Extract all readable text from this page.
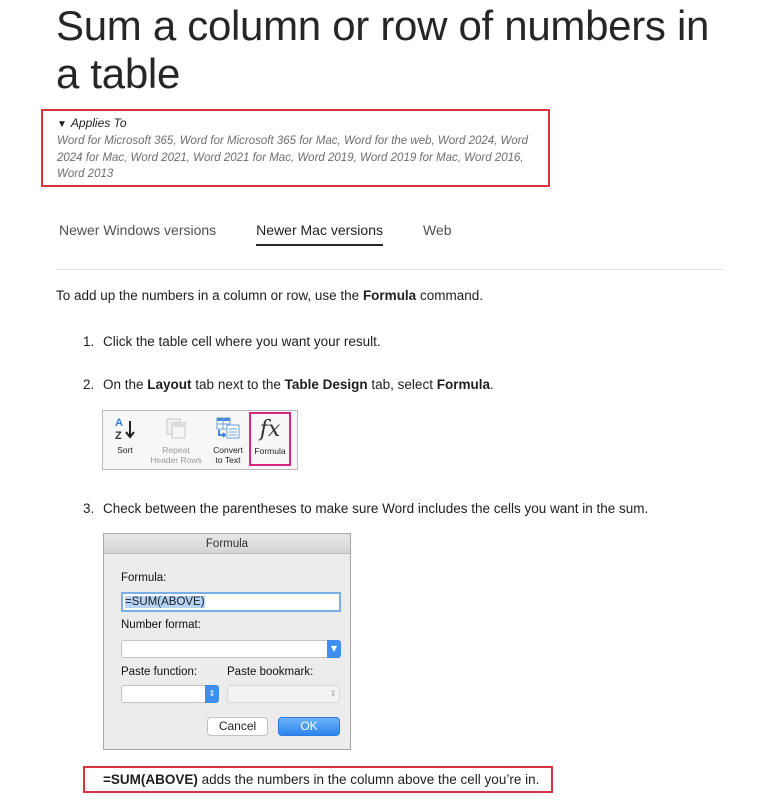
Sum a column or row of numbers in a table
▼ Applies To
Word for Microsoft 365, Word for Microsoft 365 for Mac, Word for the web, Word 2024, Word 2024 for Mac, Word 2021, Word 2021 for Mac, Word 2019, Word 2019 for Mac, Word 2016, Word 2013
Newer Windows versions	Newer Mac versions	Web

To add up the numbers in a column or row, use the Formula command.

1. Click the table cell where you want your result.

2. On the Layout tab next to the Table Design tab, select Formula.

A
Z
Sort	Repeat
Header Rows
Convert
to Text
fx
Formula

3. Check between the parentheses to make sure Word includes the cells you want in the sum.

Formula
Formula:
=SUM(ABOVE)
Number format:
▼
Paste function:	Paste bookmark:
⇕	⇕
Cancel	OK
=SUM(ABOVE) adds the numbers in the column above the cell you’re in.
